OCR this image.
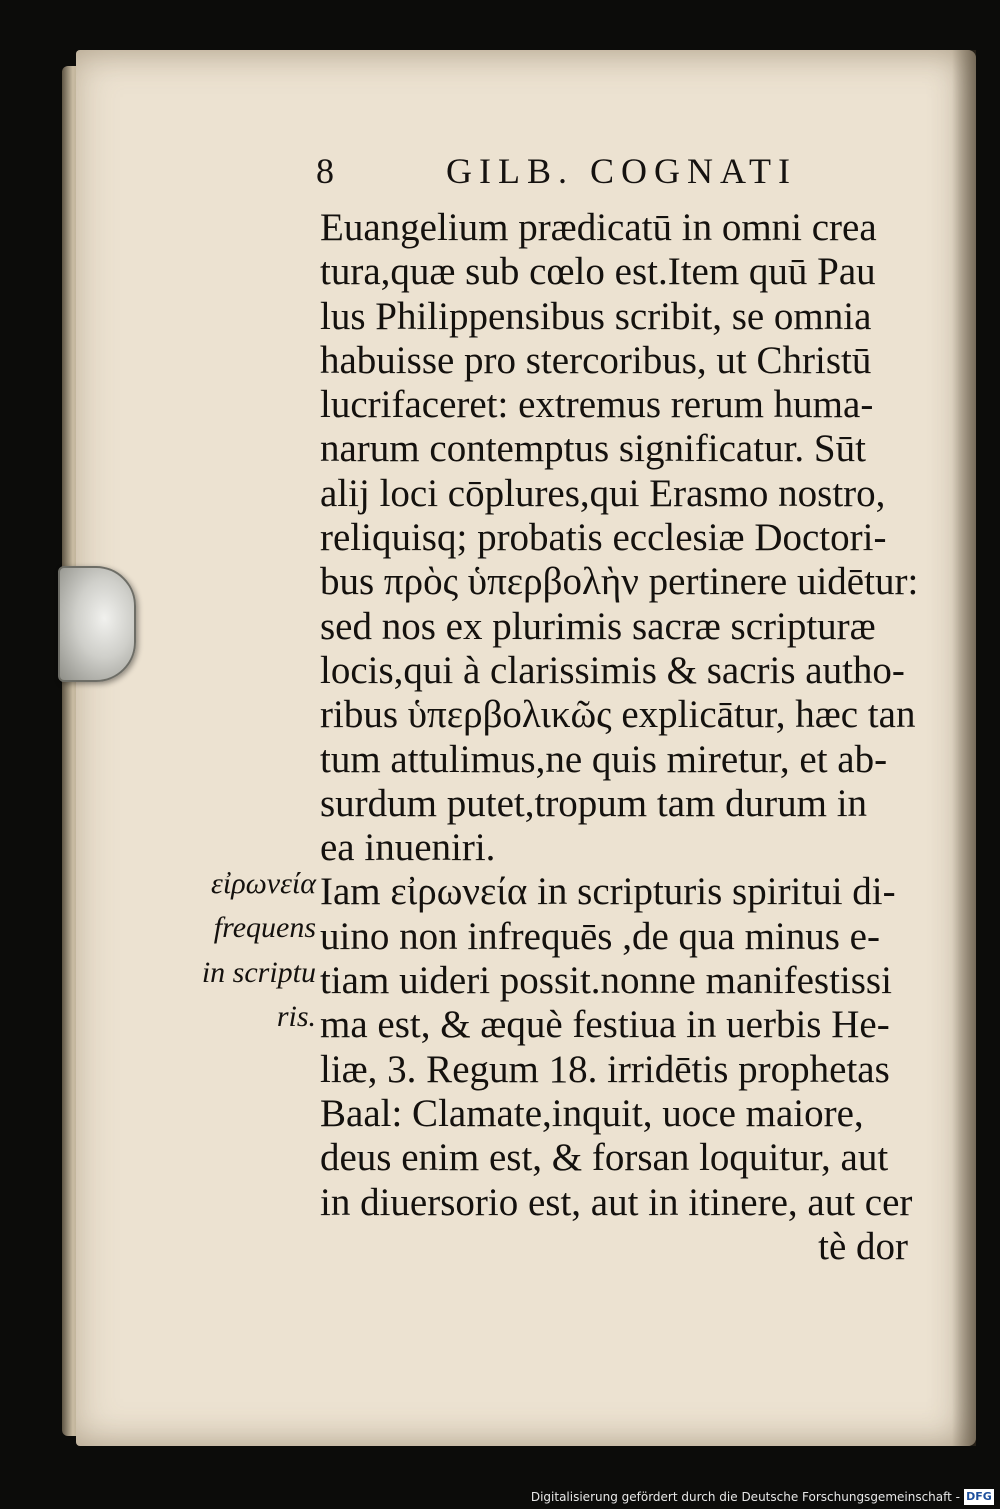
8	GILB. COGNATI
Euangelium prædicatū in omni crea
tura,quæ sub cœlo est.Item quū Pau
lus Philippensibus scribit, se omnia
habuisse pro stercoribus, ut Christū
lucrifaceret: extremus rerum huma-
narum contemptus significatur. Sūt
alij loci cōplures,qui Erasmo nostro,
reliquisq; probatis ecclesiæ Doctori-
bus πρὸς ὑπερβολὴν pertinere uidētur:
sed nos ex plurimis sacræ scripturæ
locis,qui à clarissimis & sacris autho-
ribus ὑπερβολικῶς explicātur, hæc tan
tum attulimus,ne quis miretur, et ab-
surdum putet,tropum tam durum in
ea inueniri.
Iam εἰρωνεία in scripturis spiritui di-
uino non infrequēs ,de qua minus e-
tiam uideri possit.nonne manifestissi
ma est, & æquè festiua in uerbis He-
liæ, 3. Regum 18. irridētis prophetas
Baal: Clamate,inquit, uoce maiore,
deus enim est, & forsan loquitur, aut
in diuersorio est, aut in itinere, aut cer
tè dor
εἰρωνεία
frequens
in scriptu
ris.
Digitalisierung gefördert durch die Deutsche Forschungsgemeinschaft - DFG
